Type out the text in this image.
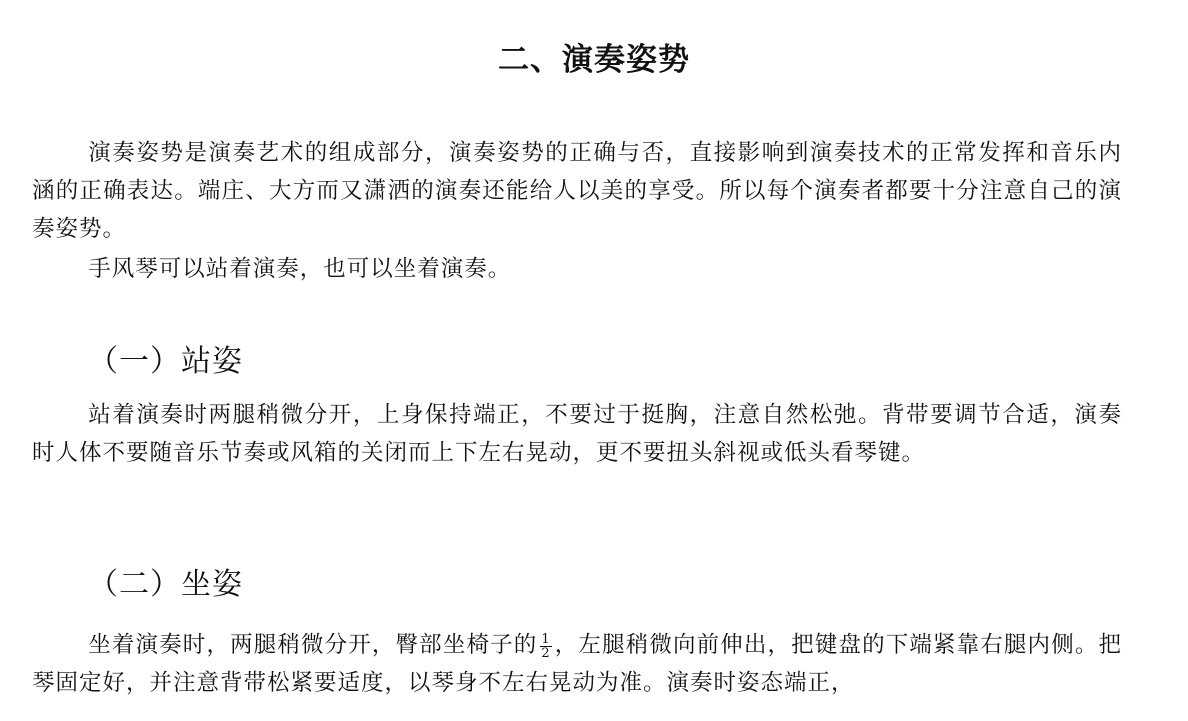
二、演奏姿势

演奏姿势是演奏艺术的组成部分，演奏姿势的正确与否，直接影响到演奏技术的正常发挥和音乐内涵的正确表达。端庄、大方而又潇洒的演奏还能给人以美的享受。所以每个演奏者都要十分注意自己的演奏姿势。

手风琴可以站着演奏，也可以坐着演奏。

（一）站姿

站着演奏时两腿稍微分开，上身保持端正，不要过于挺胸，注意自然松弛。背带要调节合适，演奏时人体不要随音乐节奏或风箱的关闭而上下左右晃动，更不要扭头斜视或低头看琴键。

（二）坐姿

坐着演奏时，两腿稍微分开，臀部坐椅子的 $\frac{1}{2}$ ，左腿稍微向前伸出，把键盘的下端紧靠右腿内侧。把琴固定好，并注意背带松紧要适度，以琴身不左右晃动为准。演奏时姿态端正，
